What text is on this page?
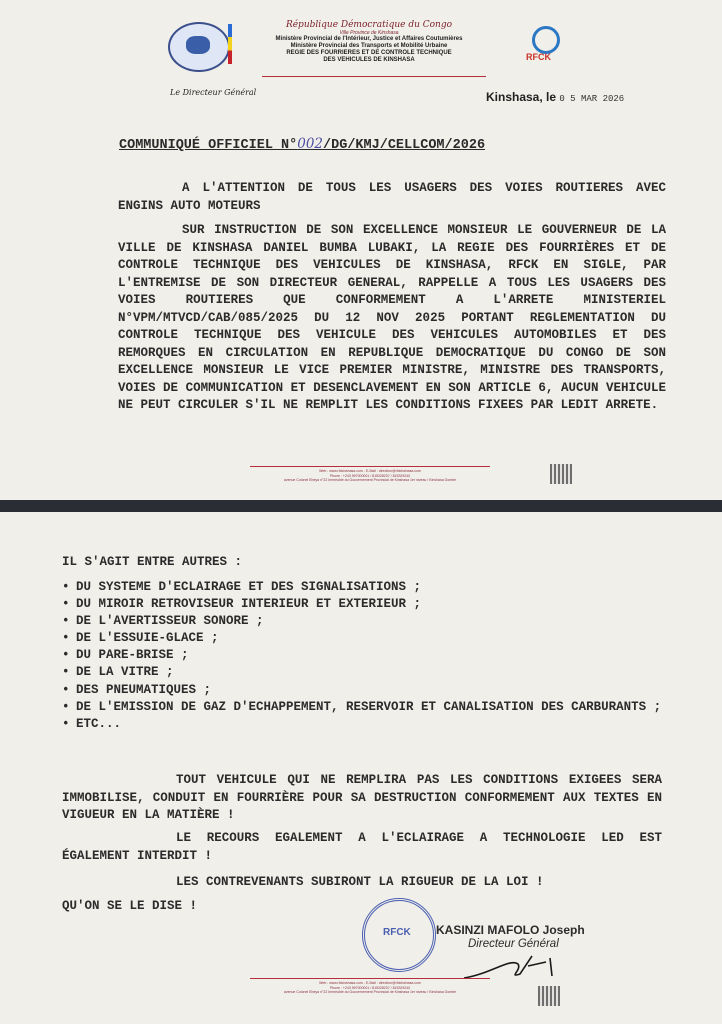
République Démocratique du Congo
Ville Province de Kinshasa
Ministère Provincial de l'Intérieur, Justice et Affaires Coutumières
Ministère Provincial des Transports et Mobilité Urbaine
REGIE DES FOURRIERES ET DE CONTROLE TECHNIQUE
DES VEHICULES DE KINSHASA	RFCK
Le Directeur Général	Kinshasa, le 0 5 MAR 2026
COMMUNIQUÉ OFFICIEL N°002/DG/KMJ/CELLCOM/2026

A L'ATTENTION DE TOUS LES USAGERS DES VOIES ROUTIERES AVEC ENGINS AUTO MOTEURS

SUR INSTRUCTION DE SON EXCELLENCE MONSIEUR LE GOUVERNEUR DE LA VILLE DE KINSHASA DANIEL BUMBA LUBAKI, LA REGIE DES FOURRIÈRES ET DE CONTROLE TECHNIQUE DES VEHICULES DE KINSHASA, RFCK EN SIGLE, PAR L'ENTREMISE DE SON DIRECTEUR GENERAL, RAPPELLE A TOUS LES USAGERS DES VOIES ROUTIERES QUE CONFORMEMENT A L'ARRETE MINISTERIEL N°VPM/MTVCD/CAB/085/2025 DU 12 NOV 2025 PORTANT REGLEMENTATION DU CONTROLE TECHNIQUE DES VEHICULE DES VEHICULES AUTOMOBILES ET DES REMORQUES EN CIRCULATION EN REPUBLIQUE DEMOCRATIQUE DU CONGO DE SON EXCELLENCE MONSIEUR LE VICE PREMIER MINISTRE, MINISTRE DES TRANSPORTS, VOIES DE COMMUNICATION ET DESENCLAVEMENT EN SON ARTICLE 6, AUCUN VEHICULE NE PEUT CIRCULER S'IL NE REMPLIT LES CONDITIONS FIXEES PAR LEDIT ARRETE.

Web : www.rfckinshasa.com - E-Mail : direction@rfckinshasa.com
Phone : +243 997000001 / 815328237 / 815329240
avenue Colonel Ebeya n°22 Immeuble du Gouvernement Provincial de Kinshasa 1er niveau / Kinshasa Gombe

IL S'AGIT ENTRE AUTRES :

• DU SYSTEME D'ECLAIRAGE ET DES SIGNALISATIONS ;
• DU MIROIR RETROVISEUR INTERIEUR ET EXTERIEUR ;
• DE L'AVERTISSEUR SONORE ;
• DE L'ESSUIE-GLACE ;
• DU PARE-BRISE ;
• DE LA VITRE ;
• DES PNEUMATIQUES ;
• DE L'EMISSION DE GAZ D'ECHAPPEMENT, RESERVOIR ET CANALISATION DES CARBURANTS ;
• ETC...

TOUT VEHICULE QUI NE REMPLIRA PAS LES CONDITIONS EXIGEES SERA IMMOBILISE, CONDUIT EN FOURRIÈRE POUR SA DESTRUCTION CONFORMEMENT AUX TEXTES EN VIGUEUR EN LA MATIÈRE !

LE RECOURS EGALEMENT A L'ECLAIRAGE A TECHNOLOGIE LED EST ÉGALEMENT INTERDIT !

LES CONTREVENANTS SUBIRONT LA RIGUEUR DE LA LOI !

QU'ON SE LE DISE !

RFCK KASINZI MAFOLO Joseph
Directeur Général
Web : www.rfckinshasa.com - E-Mail : direction@rfckinshasa.com
Phone : +243 997000001 / 815328237 / 815329240
avenue Colonel Ebeya n°22 Immeuble du Gouvernement Provincial de Kinshasa 1er niveau / Kinshasa Gombe
